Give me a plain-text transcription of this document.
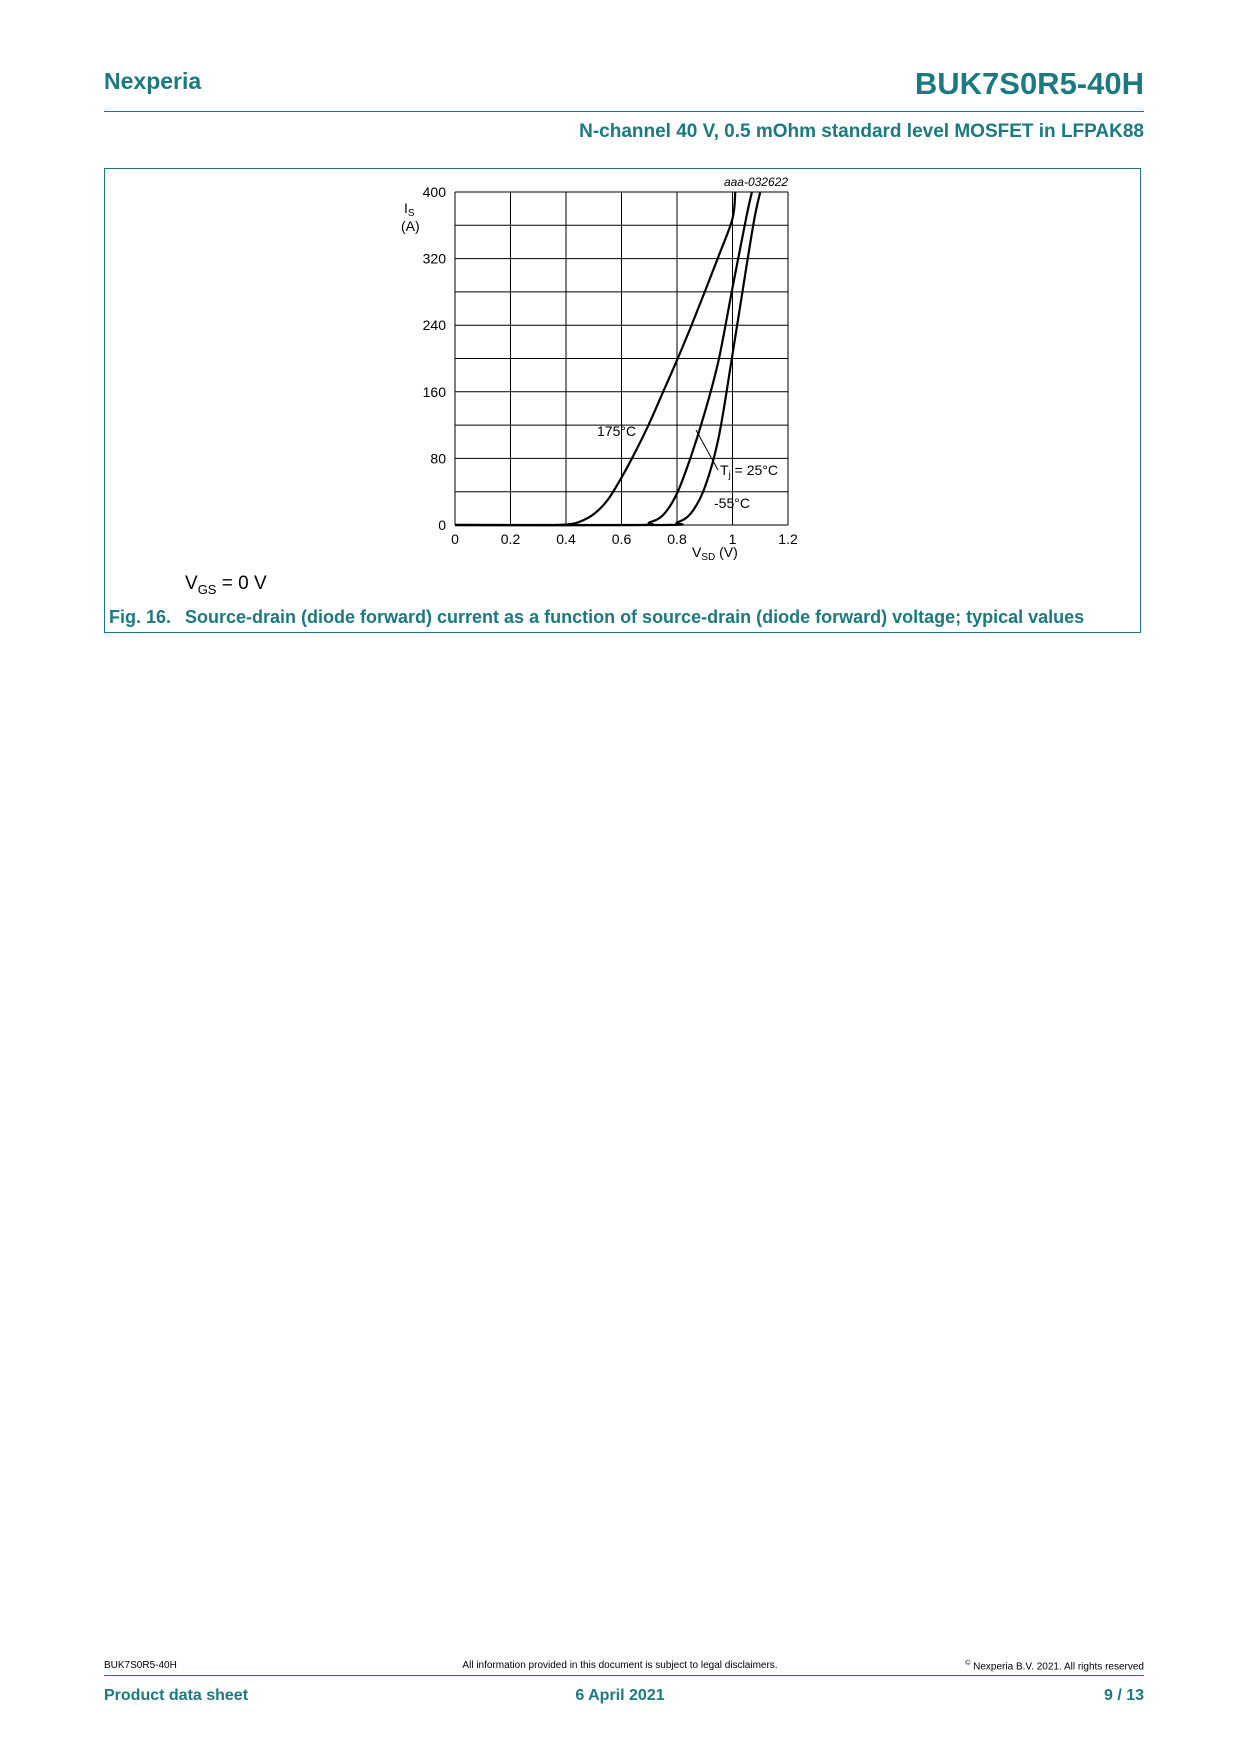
Nexperia	BUK7S0R5-40H
N-channel 40 V, 0.5 mOhm standard level MOSFET in LFPAK88
0	0.2	0.4	0.6	0.8	1	1.2
0
80
160
240
320
400
aaa-032622
$I_S$
(A)
$V_{SD}$ (V)
175°C
$T_j = 25^\circ C$
-55°C
$V_{GS} = 0$ V
Fig. 16. Source-drain (diode forward) current as a function of source-drain (diode forward) voltage; typical values
BUK7S0R5-40H	All information provided in this document is subject to legal disclaimers.	© Nexperia B.V. 2021. All rights reserved
Product data sheet	6 April 2021	9 / 13
